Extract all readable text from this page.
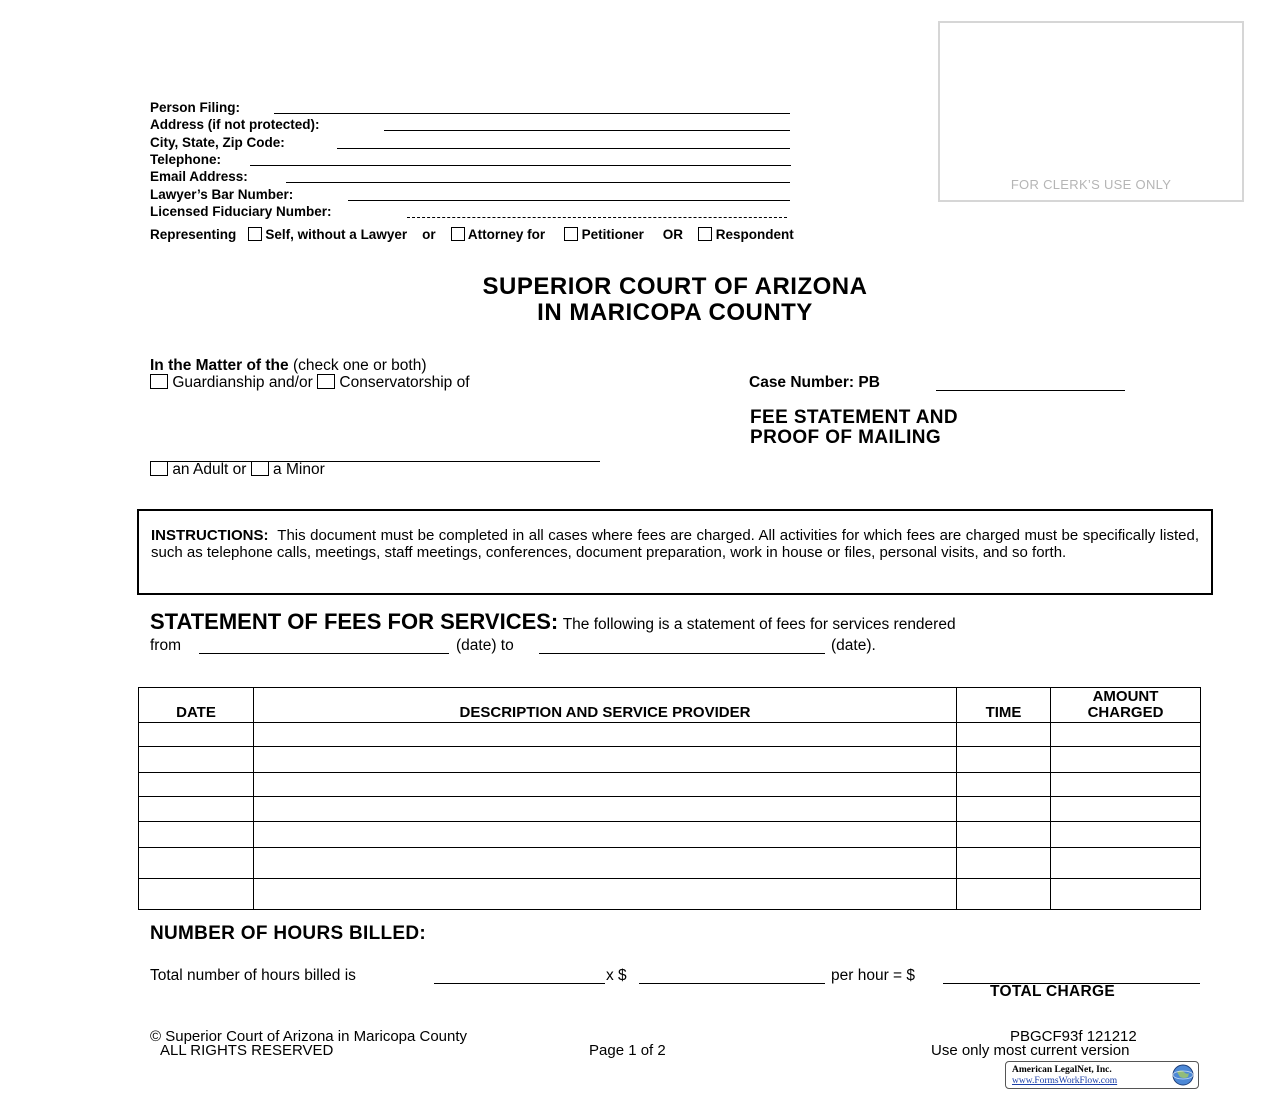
FOR CLERK’S USE ONLY
Person Filing:
Address (if not protected):
City, State, Zip Code:
Telephone:
Email Address:
Lawyer’s Bar Number:
Licensed Fiduciary Number:
Representing Self, without a Lawyer or Attorney for	Petitioner OR Respondent
SUPERIOR COURT OF ARIZONA
IN MARICOPA COUNTY
In the Matter of the (check one or both)
Guardianship and/or Conservatorship of
an Adult or a Minor
Case Number: PB
FEE STATEMENT AND
PROOF OF MAILING
INSTRUCTIONS: This document must be completed in all cases where fees are charged. All activities for which fees are charged must be specifically listed, such as telephone calls, meetings, staff meetings, conferences, document preparation, work in house or files, personal visits, and so forth.
STATEMENT OF FEES FOR SERVICES: The following is a statement of fees for services rendered
from	(date) to	(date).
DATE	DESCRIPTION AND SERVICE PROVIDER	TIME	AMOUNT
CHARGED

NUMBER OF HOURS BILLED:
Total number of hours billed is	x $	per hour = $
TOTAL CHARGE
© Superior Court of Arizona in Maricopa County
ALL RIGHTS RESERVED	Page 1 of 2
PBGCF93f 121212
Use only most current version
American LegalNet, Inc.
www.FormsWorkFlow.com
